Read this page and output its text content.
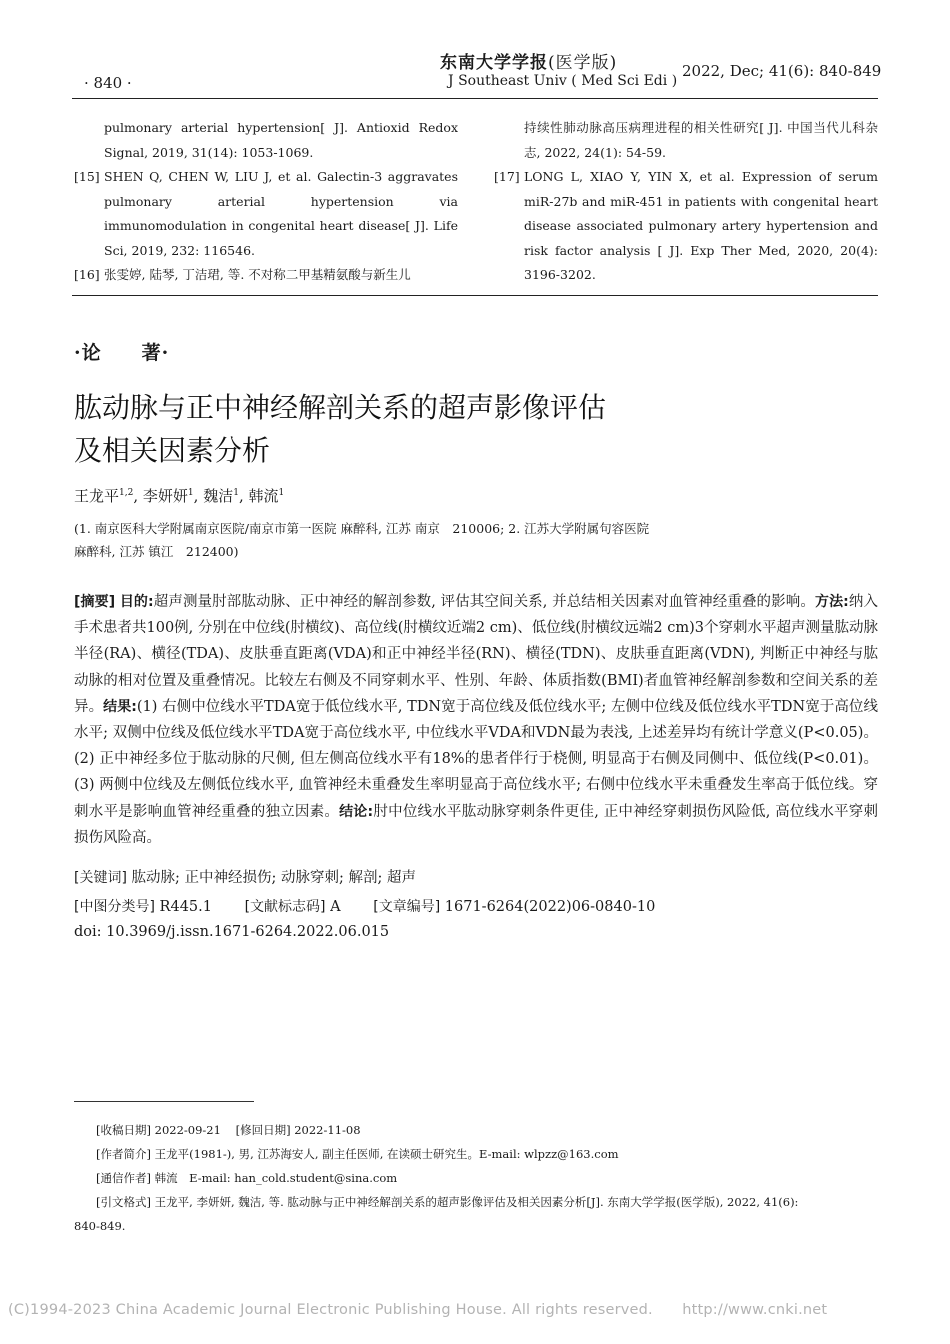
· 840 ·
东南大学学报(医学版)
J Southeast Univ ( Med Sci Edi )
2022, Dec; 41(6): 840-849
pulmonary arterial hypertension[ J]. Antioxid Redox Signal, 2019, 31(14): 1053-1069.
[15] SHEN Q, CHEN W, LIU J, et al. Galectin-3 aggravates pulmonary arterial hypertension via immunomodulation in congenital heart disease[ J]. Life Sci, 2019, 232: 116546.
[16] 张雯婷, 陆琴, 丁洁珺, 等. 不对称二甲基精氨酸与新生儿
持续性肺动脉高压病理进程的相关性研究[ J]. 中国当代儿科杂志, 2022, 24(1): 54-59.
[17] LONG L, XIAO Y, YIN X, et al. Expression of serum miR-27b and miR-451 in patients with congenital heart disease associated pulmonary artery hypertension and risk factor analysis [ J]. Exp Ther Med, 2020, 20(4): 3196-3202.
·论　　著·
肱动脉与正中神经解剖关系的超声影像评估
及相关因素分析
王龙平$^{1,2}$, 李妍妍$^1$, 魏洁$^1$, 韩流$^1$
(1. 南京医科大学附属南京医院/南京市第一医院 麻醉科, 江苏 南京　210006; 2. 江苏大学附属句容医院
麻醉科, 江苏 镇江　212400)
[摘要] 目的:超声测量肘部肱动脉、正中神经的解剖参数, 评估其空间关系, 并总结相关因素对血管神经重叠的影响。方法:纳入手术患者共100例, 分别在中位线(肘横纹)、高位线(肘横纹近端2 cm)、低位线(肘横纹远端2 cm)3个穿刺水平超声测量肱动脉半径(RA)、横径(TDA)、皮肤垂直距离(VDA)和正中神经半径(RN)、横径(TDN)、皮肤垂直距离(VDN), 判断正中神经与肱动脉的相对位置及重叠情况。比较左右侧及不同穿刺水平、性别、年龄、体质指数(BMI)者血管神经解剖参数和空间关系的差异。结果:(1) 右侧中位线水平TDA宽于低位线水平, TDN宽于高位线及低位线水平; 左侧中位线及低位线水平TDN宽于高位线水平; 双侧中位线及低位线水平TDA宽于高位线水平, 中位线水平VDA和VDN最为表浅, 上述差异均有统计学意义(P<0.05)。(2) 正中神经多位于肱动脉的尺侧, 但左侧高位线水平有18%的患者伴行于桡侧, 明显高于右侧及同侧中、低位线(P<0.01)。(3) 两侧中位线及左侧低位线水平, 血管神经未重叠发生率明显高于高位线水平; 右侧中位线水平未重叠发生率高于低位线。穿刺水平是影响血管神经重叠的独立因素。结论:肘中位线水平肱动脉穿刺条件更佳, 正中神经穿刺损伤风险低, 高位线水平穿刺损伤风险高。
[关键词] 肱动脉; 正中神经损伤; 动脉穿刺; 解剖; 超声
[中图分类号] R445.1 [文献标志码] A [文章编号] 1671-6264(2022)06-0840-10
doi: 10.3969/j.issn.1671-6264.2022.06.015
[收稿日期] 2022-09-21 [修回日期] 2022-11-08
[作者简介] 王龙平(1981-), 男, 江苏海安人, 副主任医师, 在读硕士研究生。E-mail: wlpzz@163.com
[通信作者] 韩流　E-mail: han_cold.student@sina.com
[引文格式] 王龙平, 李妍妍, 魏洁, 等. 肱动脉与正中神经解剖关系的超声影像评估及相关因素分析[J]. 东南大学学报(医学版), 2022, 41(6):
840-849.
(C)1994-2023 China Academic Journal Electronic Publishing House. All rights reserved.　　http://www.cnki.net
